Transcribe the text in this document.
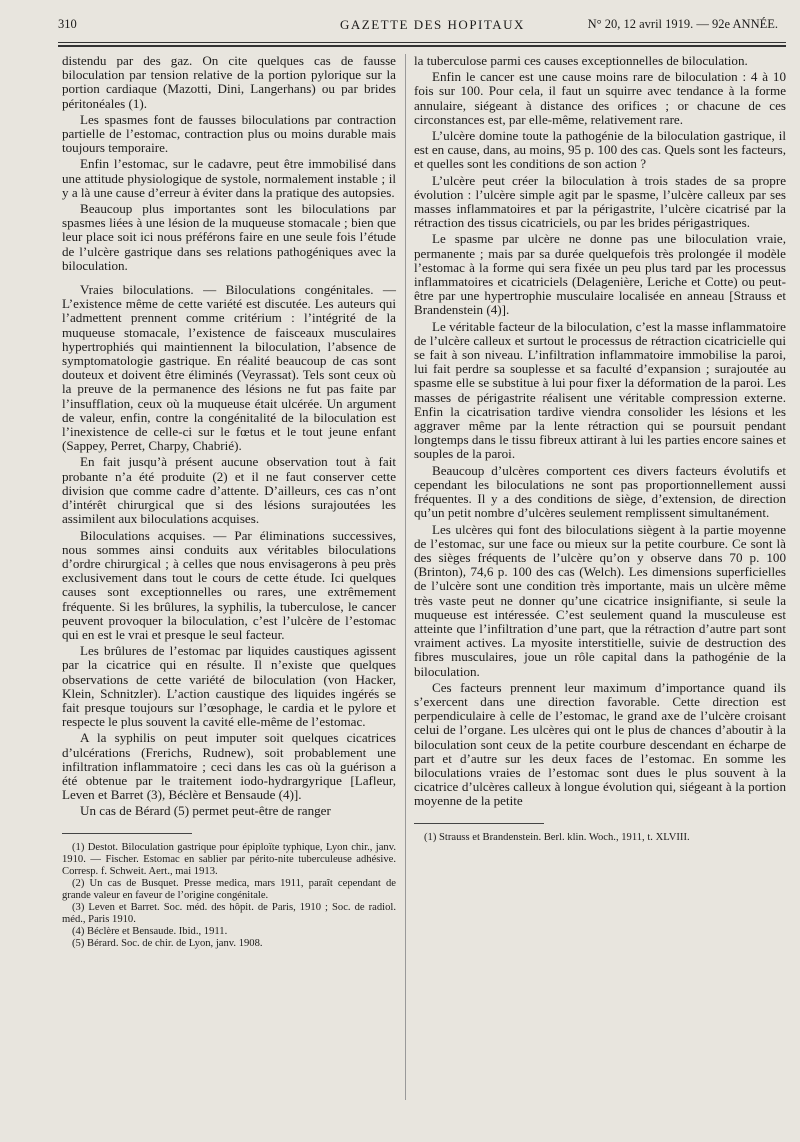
310	GAZETTE DES HOPITAUX	N° 20, 12 avril 1919. — 92e ANNÉE.

distendu par des gaz. On cite quelques cas de fausse biloculation par tension relative de la portion pylorique sur la portion cardiaque (Mazotti, Dini, Langerhans) ou par brides péritonéales (1).

Les spasmes font de fausses biloculations par contraction partielle de l’estomac, contraction plus ou moins durable mais toujours temporaire.

Enfin l’estomac, sur le cadavre, peut être immobilisé dans une attitude physiologique de systole, normalement instable ; il y a là une cause d’erreur à éviter dans la pratique des autopsies.

Beaucoup plus importantes sont les biloculations par spasmes liées à une lésion de la muqueuse stomacale ; bien que leur place soit ici nous préférons faire en une seule fois l’étude de l’ulcère gastrique dans ses relations pathogéniques avec la biloculation.

Vraies biloculations. — Biloculations congénitales. — L’existence même de cette variété est discutée. Les auteurs qui l’admettent prennent comme critérium : l’intégrité de la muqueuse stomacale, l’existence de faisceaux musculaires hypertrophiés qui maintiennent la biloculation, l’absence de symptomatologie gastrique. En réalité beaucoup de cas sont douteux et doivent être éliminés (Veyrassat). Tels sont ceux où la preuve de la permanence des lésions ne fut pas faite par l’insufflation, ceux où la muqueuse était ulcérée. Un argument de valeur, enfin, contre la congénitalité de la biloculation est l’inexistence de celle-ci sur le fœtus et le tout jeune enfant (Sappey, Perret, Charpy, Chabrié).

En fait jusqu’à présent aucune observation tout à fait probante n’a été produite (2) et il ne faut conserver cette division que comme cadre d’attente. D’ailleurs, ces cas n’ont d’intérêt chirurgical que si des lésions surajoutées les assimilent aux biloculations acquises.

Biloculations acquises. — Par éliminations successives, nous sommes ainsi conduits aux véritables biloculations d’ordre chirurgical ; à celles que nous envisagerons à peu près exclusivement dans tout le cours de cette étude. Ici quelques causes sont exceptionnelles ou rares, une extrêmement fréquente. Si les brûlures, la syphilis, la tuberculose, le cancer peuvent provoquer la biloculation, c’est l’ulcère de l’estomac qui en est le vrai et presque le seul facteur.

Les brûlures de l’estomac par liquides caustiques agissent par la cicatrice qui en résulte. Il n’existe que quelques observations de cette variété de biloculation (von Hacker, Klein, Schnitzler). L’action caustique des liquides ingérés se fait presque toujours sur l’œsophage, le cardia et le pylore et respecte le plus souvent la cavité elle-même de l’estomac.

A la syphilis on peut imputer soit quelques cicatrices d’ulcérations (Frerichs, Rudnew), soit probablement une infiltration inflammatoire ; ceci dans les cas où la guérison a été obtenue par le traitement iodo-hydrargyrique [Lafleur, Leven et Barret (3), Béclère et Bensaude (4)].

Un cas de Bérard (5) permet peut-être de ranger

(1) Destot. Biloculation gastrique pour épiploïte typhique, Lyon chir., janv. 1910. — Fischer. Estomac en sablier par périto-nite tuberculeuse adhésive. Corresp. f. Schweit. Aert., mai 1913.

(2) Un cas de Busquet. Presse medica, mars 1911, paraît cependant de grande valeur en faveur de l’origine congénitale.

(3) Leven et Barret. Soc. méd. des hôpit. de Paris, 1910 ; Soc. de radiol. méd., Paris 1910.

(4) Béclère et Bensaude. Ibid., 1911.

(5) Bérard. Soc. de chir. de Lyon, janv. 1908.

la tuberculose parmi ces causes exceptionnelles de biloculation.

Enfin le cancer est une cause moins rare de biloculation : 4 à 10 fois sur 100. Pour cela, il faut un squirre avec tendance à la forme annulaire, siégeant à distance des orifices ; or chacune de ces circonstances est, par elle-même, relativement rare.

L’ulcère domine toute la pathogénie de la biloculation gastrique, il est en cause, dans, au moins, 95 p. 100 des cas. Quels sont les facteurs, et quelles sont les conditions de son action ?

L’ulcère peut créer la biloculation à trois stades de sa propre évolution : l’ulcère simple agit par le spasme, l’ulcère calleux par ses masses inflammatoires et par la périgastrite, l’ulcère cicatrisé par la rétraction des tissus cicatriciels, ou par les brides périgastriques.

Le spasme par ulcère ne donne pas une biloculation vraie, permanente ; mais par sa durée quelquefois très prolongée il modèle l’estomac à la forme qui sera fixée un peu plus tard par les processus inflammatoires et cicatriciels (Delagenière, Leriche et Cotte) ou peut-être par une hypertrophie musculaire localisée en anneau [Strauss et Brandenstein (4)].

Le véritable facteur de la biloculation, c’est la masse inflammatoire de l’ulcère calleux et surtout le processus de rétraction cicatricielle qui se fait à son niveau. L’infiltration inflammatoire immobilise la paroi, lui fait perdre sa souplesse et sa faculté d’expansion ; surajoutée au spasme elle se substitue à lui pour fixer la déformation de la paroi. Les masses de périgastrite réalisent une véritable compression externe. Enfin la cicatrisation tardive viendra consolider les lésions et les aggraver même par la lente rétraction qui se poursuit pendant longtemps dans le tissu fibreux attirant à lui les parties encore saines et souples de la paroi.

Beaucoup d’ulcères comportent ces divers facteurs évolutifs et cependant les biloculations ne sont pas proportionnellement aussi fréquentes. Il y a des conditions de siège, d’extension, de direction qu’un petit nombre d’ulcères seulement remplissent simultanément.

Les ulcères qui font des biloculations siègent à la partie moyenne de l’estomac, sur une face ou mieux sur la petite courbure. Ce sont là des sièges fréquents de l’ulcère qu’on y observe dans 70 p. 100 (Brinton), 74,6 p. 100 des cas (Welch). Les dimensions superficielles de l’ulcère sont une condition très importante, mais un ulcère même très vaste peut ne donner qu’une cicatrice insignifiante, si seule la muqueuse est intéressée. C’est seulement quand la musculeuse est atteinte que l’infiltration d’une part, que la rétraction d’autre part sont vraiment actives. La myosite interstitielle, suivie de destruction des fibres musculaires, joue un rôle capital dans la pathogénie de la biloculation.

Ces facteurs prennent leur maximum d’importance quand ils s’exercent dans une direction favorable. Cette direction est perpendiculaire à celle de l’estomac, le grand axe de l’ulcère croisant celui de l’organe. Les ulcères qui ont le plus de chances d’aboutir à la biloculation sont ceux de la petite courbure descendant en écharpe de part et d’autre sur les deux faces de l’estomac. En somme les biloculations vraies de l’estomac sont dues le plus souvent à la cicatrice d’ulcères calleux à longue évolution qui, siégeant à la portion moyenne de la petite

(1) Strauss et Brandenstein. Berl. klin. Woch., 1911, t. XLVIII.
